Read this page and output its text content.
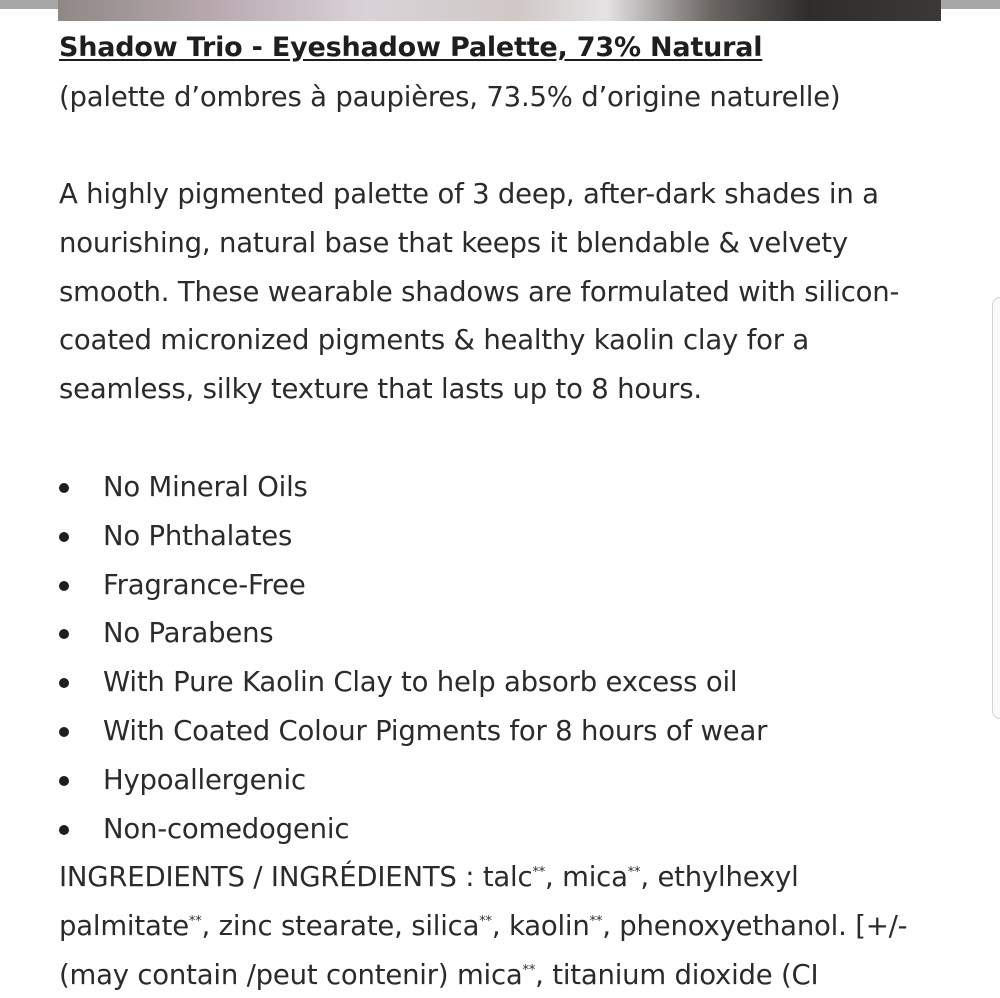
Shadow Trio - Eyeshadow Palette, 73% Natural

(palette d’ombres à paupières, 73.5% d’origine naturelle)

A highly pigmented palette of 3 deep, after-dark shades in a nourishing, natural base that keeps it blendable & velvety smooth. These wearable shadows are formulated with silicon-coated micronized pigments & healthy kaolin clay for a seamless, silky texture that lasts up to 8 hours.

No Mineral Oils
No Phthalates
Fragrance-Free
No Parabens
With Pure Kaolin Clay to help absorb excess oil
With Coated Colour Pigments for 8 hours of wear
Hypoallergenic
Non-comedogenic

INGREDIENTS / INGRÉDIENTS : talc**, mica**, ethylhexyl palmitate**, zinc stearate, silica**, kaolin**, phenoxyethanol. [+/- (may contain /peut contenir) mica**, titanium dioxide (CI
